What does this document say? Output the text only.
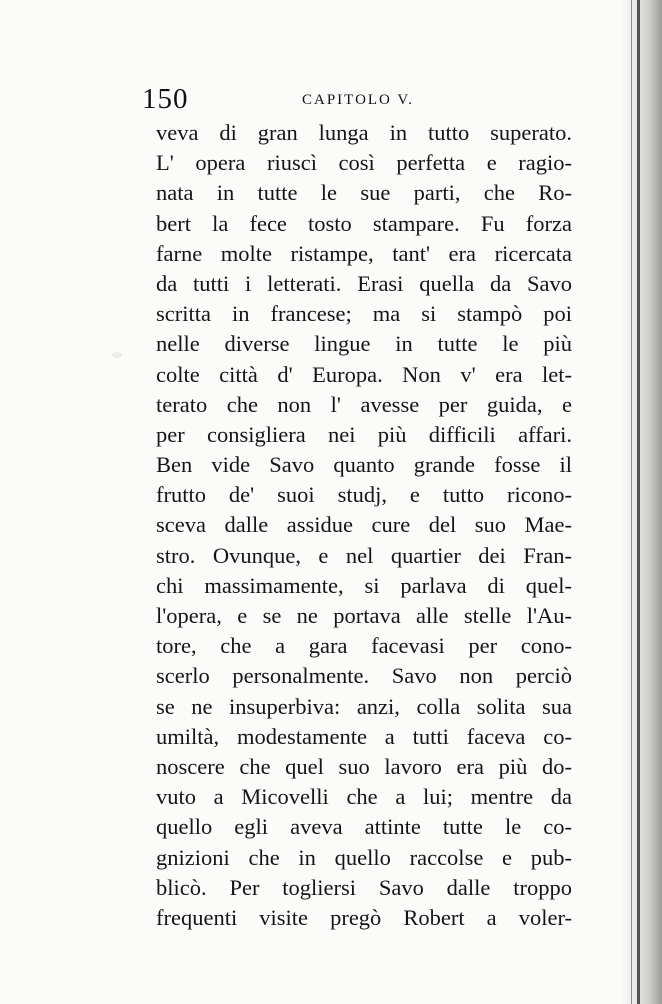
150	CAPITOLO V.
veva di gran lunga in tutto superato.
L' opera riuscì così perfetta e ragio-
nata in tutte le sue parti, che Ro-
bert la fece tosto stampare. Fu forza
farne molte ristampe, tant' era ricercata
da tutti i letterati. Erasi quella da Savo
scritta in francese; ma si stampò poi
nelle diverse lingue in tutte le più
colte città d' Europa. Non v' era let-
terato che non l' avesse per guida, e
per consigliera nei più difficili affari.
Ben vide Savo quanto grande fosse il
frutto de' suoi studj, e tutto ricono-
sceva dalle assidue cure del suo Mae-
stro. Ovunque, e nel quartier dei Fran-
chi massimamente, si parlava di quel-
l'opera, e se ne portava alle stelle l'Au-
tore, che a gara facevasi per cono-
scerlo personalmente. Savo non perciò
se ne insuperbiva: anzi, colla solita sua
umiltà, modestamente a tutti faceva co-
noscere che quel suo lavoro era più do-
vuto a Micovelli che a lui; mentre da
quello egli aveva attinte tutte le co-
gnizioni che in quello raccolse e pub-
blicò. Per togliersi Savo dalle troppo
frequenti visite pregò Robert a voler-
